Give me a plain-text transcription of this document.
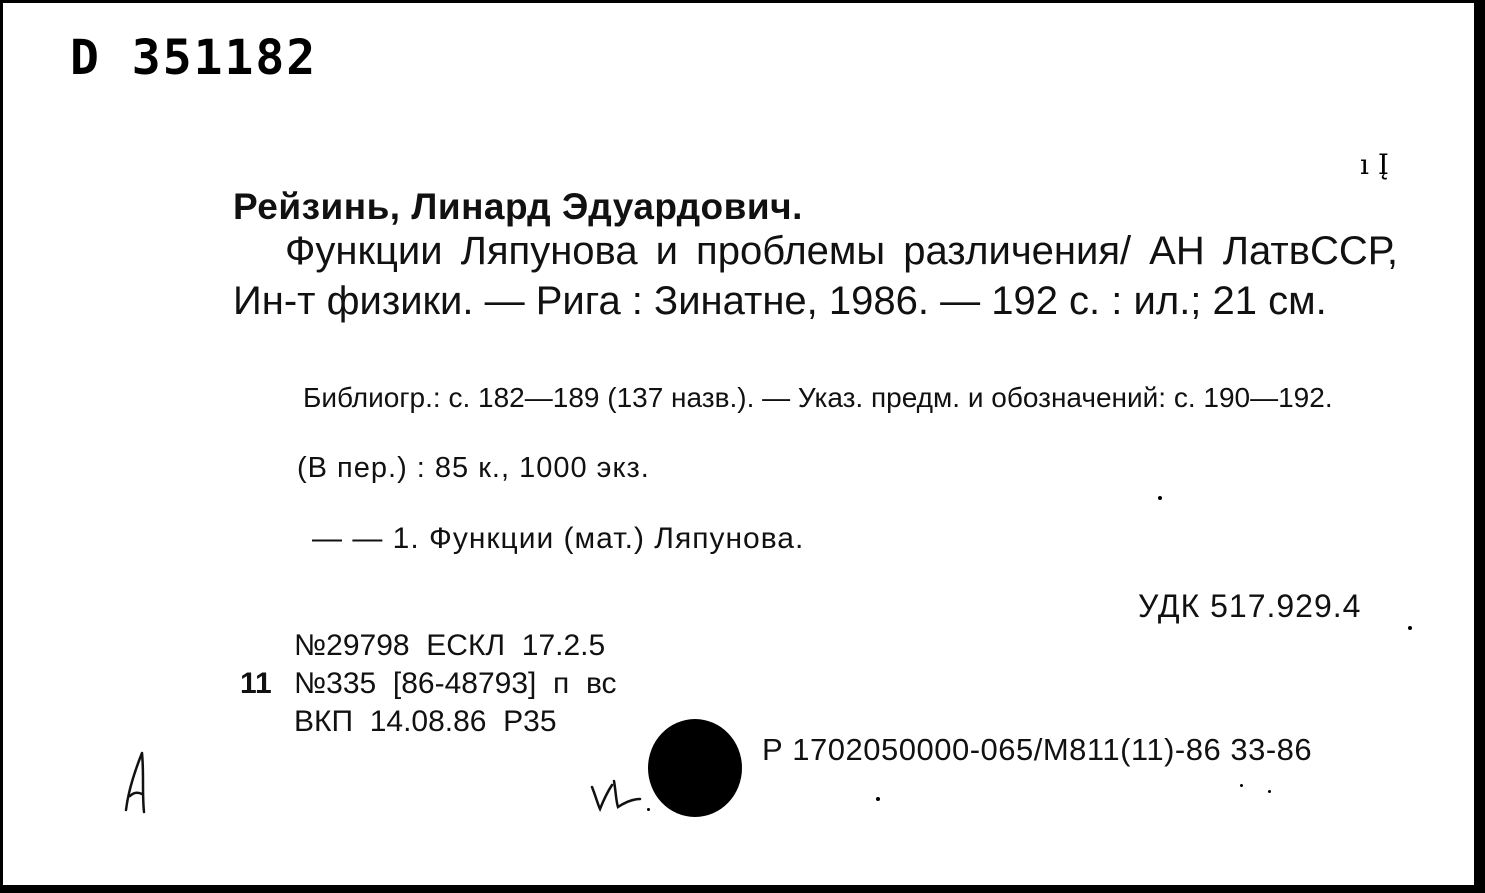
D 351182
ı Į
Рейзинь, Линард Эдуардович.
Функции Ляпунова и проблемы различения/ АН ЛатвССР, Ин-т физики. — Рига : Зинатне, 1986. — 192 с. : ил.; 21 см.
Библиогр.: с. 182—189 (137 назв.). — Указ. предм. и обозначений: с. 190—192.
(В пер.) : 85 к., 1000 экз.
— — 1. Функции (мат.) Ляпунова.
УДК 517.929.4
№29798  ЕСКЛ  17.2.5
11 №335  [86-48793]  п  вс
ВКП  14.08.86  Р35
Р 1702050000-065/М811(11)-86 33-86
